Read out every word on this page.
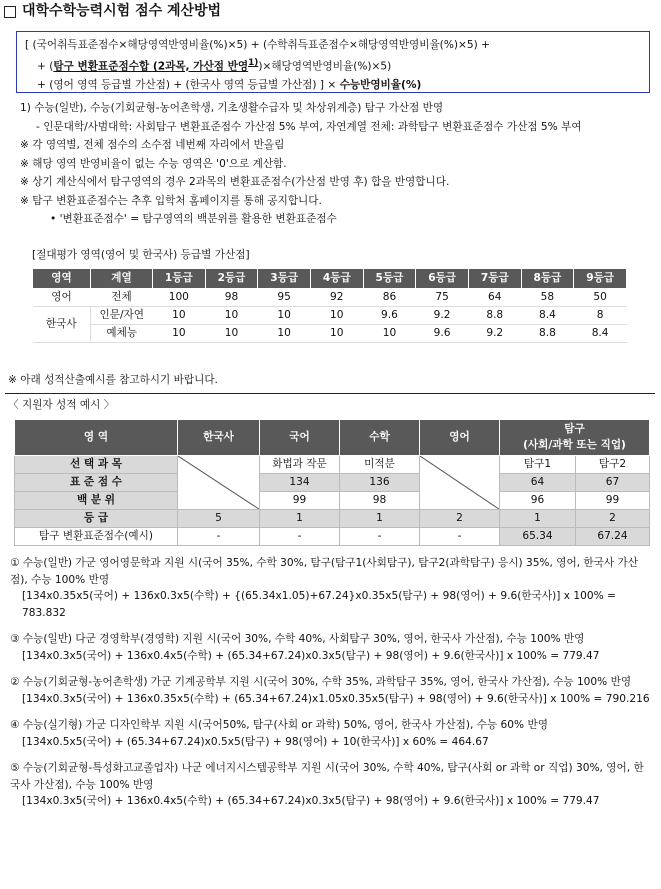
대학수학능력시험 점수 계산방법
[ (국어취득표준점수×해당영역반영비율(%)×5) + (수학취득표준점수×해당영역반영비율(%)×5) +
+ (탐구 변환표준점수합 (2과목, 가산점 반영$^{1)}$)×해당영역반영비율(%)×5)
+ (영어 영역 등급별 가산점) + (한국사 영역 등급별 가산점) ] × 수능반영비율(%)
1) 수능(일반), 수능(기회균형-농어촌학생, 기초생활수급자 및 차상위계층) 탐구 가산점 반영
- 인문대학/사범대학: 사회탐구 변환표준점수 가산점 5% 부여, 자연계열 전체: 과학탐구 변환표준점수 가산점 5% 부여
※ 각 영역별, 전체 점수의 소수점 네번째 자리에서 반올림
※ 해당 영역 반영비율이 없는 수능 영역은 '0'으로 계산함.
※ 상기 계산식에서 탐구영역의 경우 2과목의 변환표준점수(가산점 반영 후) 합을 반영합니다.
※ 탐구 변환표준점수는 추후 입학처 홈페이지를 통해 공지합니다.
• '변환표준점수' = 탐구영역의 백분위를 활용한 변환표준점수
[절대평가 영역(영어 및 한국사) 등급별 가산점]
영역	계열	1등급	2등급	3등급	4등급	5등급	6등급	7등급	8등급	9등급
영어	전체	100	98	95	92	86	75	64	58	50
한국사	인문/자연	10	10	10	10	9.6	9.2	8.8	8.4	8
	예체능	10	10	10	10	10	9.6	9.2	8.8	8.4
※ 아래 성적산출예시를 참고하시기 바랍니다.
〈 지원자 성적 예시 〉
영 역	한국사	국어	수학	영어	탐구
(사회/과학 또는 직업)	

선 택 과 목		화법과 작문	미적분		탐구1	탐구2
표 준 점 수		134	136		64	67
백 분 위		99	98		96	99
등 급	5	1	1	2	1	2
탐구 변환표준점수(예시)	-	-	-	-	65.34	67.24
① 수능(일반) 가군 영어영문학과 지원 시(국어 35%, 수학 30%, 탐구(탐구1(사회탐구), 탐구2(과학탐구) 응시) 35%, 영어, 한국사 가산점), 수능 100% 반영
[134x0.35x5(국어) + 136x0.3x5(수학) + {(65.34x1.05)+67.24}x0.35x5(탐구) + 98(영어) + 9.6(한국사)] x 100% = 783.832
③ 수능(일반) 다군 경영학부(경영학) 지원 시(국어 30%, 수학 40%, 사회탐구 30%, 영어, 한국사 가산점), 수능 100% 반영
[134x0.3x5(국어) + 136x0.4x5(수학) + (65.34+67.24)x0.3x5(탐구) + 98(영어) + 9.6(한국사)] x 100% = 779.47
② 수능(기회균형-농어촌학생) 가군 기계공학부 지원 시(국어 30%, 수학 35%, 과학탐구 35%, 영어, 한국사 가산점), 수능 100% 반영
[134x0.3x5(국어) + 136x0.35x5(수학) + (65.34+67.24)x1.05x0.35x5(탐구) + 98(영어) + 9.6(한국사)] x 100% = 790.216
④ 수능(실기형) 가군 디자인학부 지원 시(국어50%, 탐구(사회 or 과학) 50%, 영어, 한국사 가산점), 수능 60% 반영
[134x0.5x5(국어) + (65.34+67.24)x0.5x5(탐구) + 98(영어) + 10(한국사)] x 60% = 464.67
⑤ 수능(기회균형-특성화고교졸업자) 나군 에너지시스템공학부 지원 시(국어 30%, 수학 40%, 탐구(사회 or 과학 or 직업) 30%, 영어, 한국사 가산점), 수능 100% 반영
[134x0.3x5(국어) + 136x0.4x5(수학) + (65.34+67.24)x0.3x5(탐구) + 98(영어) + 9.6(한국사)] x 100% = 779.47
